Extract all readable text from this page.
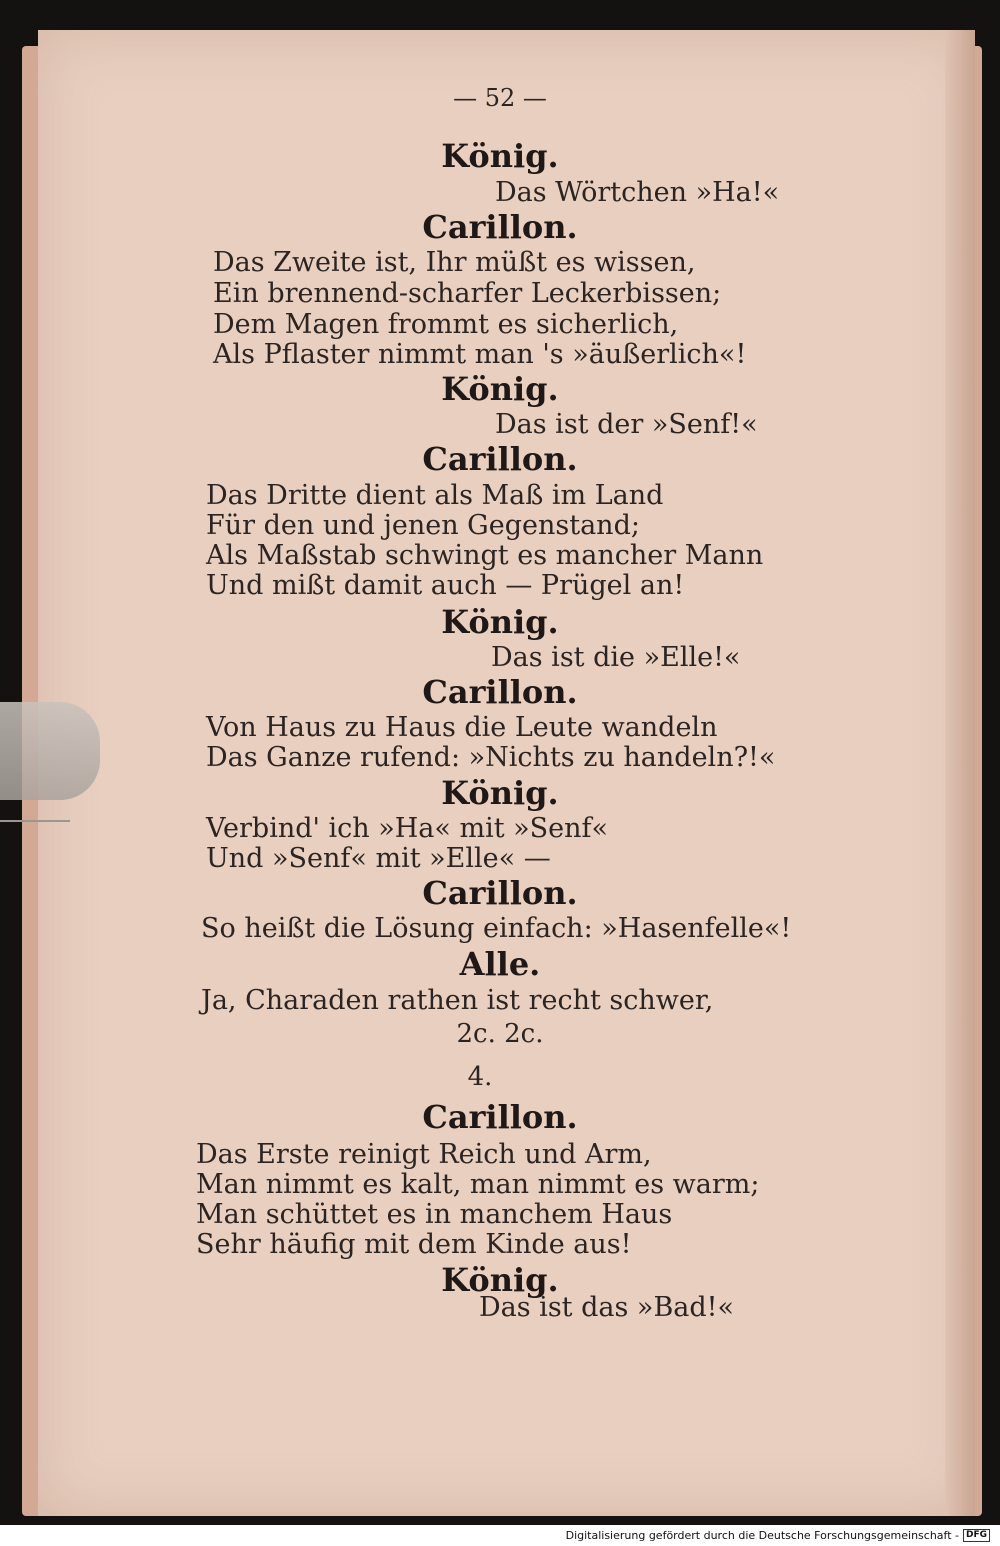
— 52 —
König.
Das Wörtchen »Ha!«
Carillon.
Das Zweite ist, Ihr müßt es wissen,
Ein brennend-scharfer Leckerbissen;
Dem Magen frommt es sicherlich,
Als Pflaster nimmt man 's »äußerlich«!
König.
Das ist der »Senf!«
Carillon.
Das Dritte dient als Maß im Land
Für den und jenen Gegenstand;
Als Maßstab schwingt es mancher Mann
Und mißt damit auch — Prügel an!
König.
Das ist die »Elle!«
Carillon.
Von Haus zu Haus die Leute wandeln
Das Ganze rufend: »Nichts zu handeln?!«
König.
Verbind' ich »Ha« mit »Senf«
Und »Senf« mit »Elle« —
Carillon.
So heißt die Lösung einfach: »Hasenfelle«!
Alle.
Ja, Charaden rathen ist recht schwer,
2c. 2c.
4.
Carillon.
Das Erste reinigt Reich und Arm,
Man nimmt es kalt, man nimmt es warm;
Man schüttet es in manchem Haus
Sehr häufig mit dem Kinde aus!
König.
Das ist das »Bad!«
Digitalisierung gefördert durch die Deutsche Forschungsgemeinschaft - DFG
